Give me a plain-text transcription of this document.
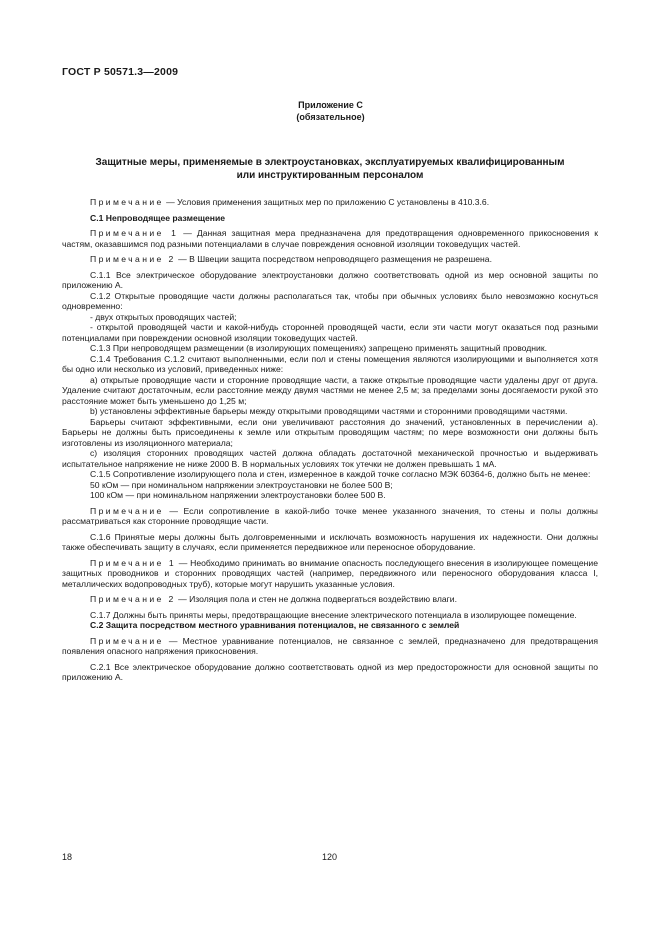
ГОСТ Р 50571.3—2009
Приложение С
(обязательное)
Защитные меры, применяемые в электроустановках, эксплуатируемых квалифицированным
или инструктированным персоналом

Примечание — Условия применения защитных мер по приложению С установлены в 410.3.6.

С.1 Непроводящее размещение

Примечание 1 — Данная защитная мера предназначена для предотвращения одновременного прикосновения к частям, оказавшимся под разными потенциалами в случае повреждения основной изоляции токоведущих частей.

Примечание 2 — В Швеции защита посредством непроводящего размещения не разрешена.

С.1.1 Все электрическое оборудование электроустановки должно соответствовать одной из мер основной защиты по приложению А.

С.1.2 Открытые проводящие части должны располагаться так, чтобы при обычных условиях было невозможно коснуться одновременно:

- двух открытых проводящих частей;

- открытой проводящей части и какой-нибудь сторонней проводящей части, если эти части могут оказаться под разными потенциалами при повреждении основной изоляции токоведущих частей.

С.1.3 При непроводящем размещении (в изолирующих помещениях) запрещено применять защитный проводник.

С.1.4 Требования С.1.2 считают выполненными, если пол и стены помещения являются изолирующими и выполняется хотя бы одно или несколько из условий, приведенных ниже:

а) открытые проводящие части и сторонние проводящие части, а также открытые проводящие части удалены друг от друга. Удаление считают достаточным, если расстояние между двумя частями не менее 2,5 м; за пределами зоны досягаемости рукой это расстояние может быть уменьшено до 1,25 м;

b) установлены эффективные барьеры между открытыми проводящими частями и сторонними проводящими частями.

Барьеры считают эффективными, если они увеличивают расстояния до значений, установленных в перечислении а). Барьеры не должны быть присоединены к земле или открытым проводящим частям; по мере возможности они должны быть изготовлены из изоляционного материала;

с) изоляция сторонних проводящих частей должна обладать достаточной механической прочностью и выдерживать испытательное напряжение не ниже 2000 В. В нормальных условиях ток утечки не должен превышать 1 мА.

С.1.5 Сопротивление изолирующего пола и стен, измеренное в каждой точке согласно МЭК 60364-6, должно быть не менее:

50 кОм — при номинальном напряжении электроустановки не более 500 В;

100 кОм — при номинальном напряжении электроустановки более 500 В.

Примечание — Если сопротивление в какой-либо точке менее указанного значения, то стены и полы должны рассматриваться как сторонние проводящие части.

С.1.6 Принятые меры должны быть долговременными и исключать возможность нарушения их надежности. Они должны также обеспечивать защиту в случаях, если применяется передвижное или переносное оборудование.

Примечание 1 — Необходимо принимать во внимание опасность последующего внесения в изолирующее помещение защитных проводников и сторонних проводящих частей (например, передвижного или переносного оборудования класса I, металлических водопроводных труб), которые могут нарушить указанные условия.

Примечание 2 — Изоляция пола и стен не должна подвергаться воздействию влаги.

С.1.7 Должны быть приняты меры, предотвращающие внесение электрического потенциала в изолирующее помещение.

С.2 Защита посредством местного уравнивания потенциалов, не связанного с землей

Примечание — Местное уравнивание потенциалов, не связанное с землей, предназначено для предотвращения появления опасного напряжения прикосновения.

С.2.1 Все электрическое оборудование должно соответствовать одной из мер предосторожности для основной защиты по приложению А.

18	120
